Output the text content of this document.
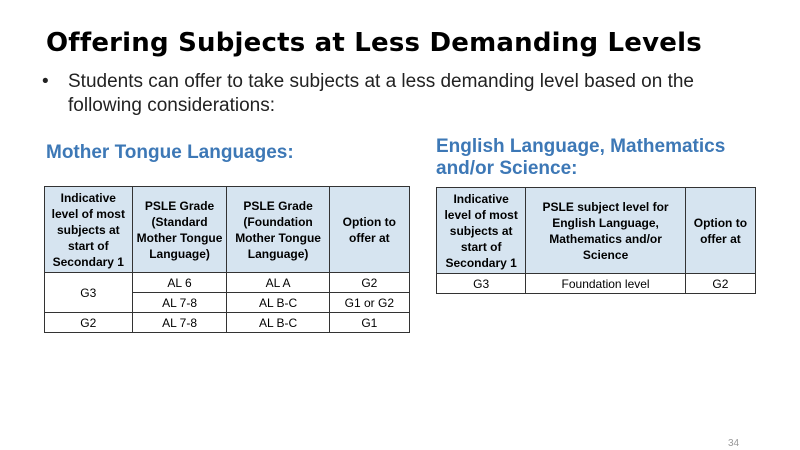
Offering Subjects at Less Demanding Levels
• Students can offer to take subjects at a less demanding level based on the following considerations:
Mother Tongue Languages:
Indicative level of most subjects at start of Secondary 1	PSLE Grade (Standard Mother Tongue Language)	PSLE Grade (Foundation Mother Tongue Language)	Option to offer at
G3	AL 6	AL A	G2
	AL 7-8	AL B-C	G1 or G2
G2	AL 7-8	AL B-C	G1
English Language, Mathematics and/or Science:
Indicative level of most subjects at start of Secondary 1	PSLE subject level for English Language, Mathematics and/or Science	Option to offer at
G3	Foundation level	G2
34
